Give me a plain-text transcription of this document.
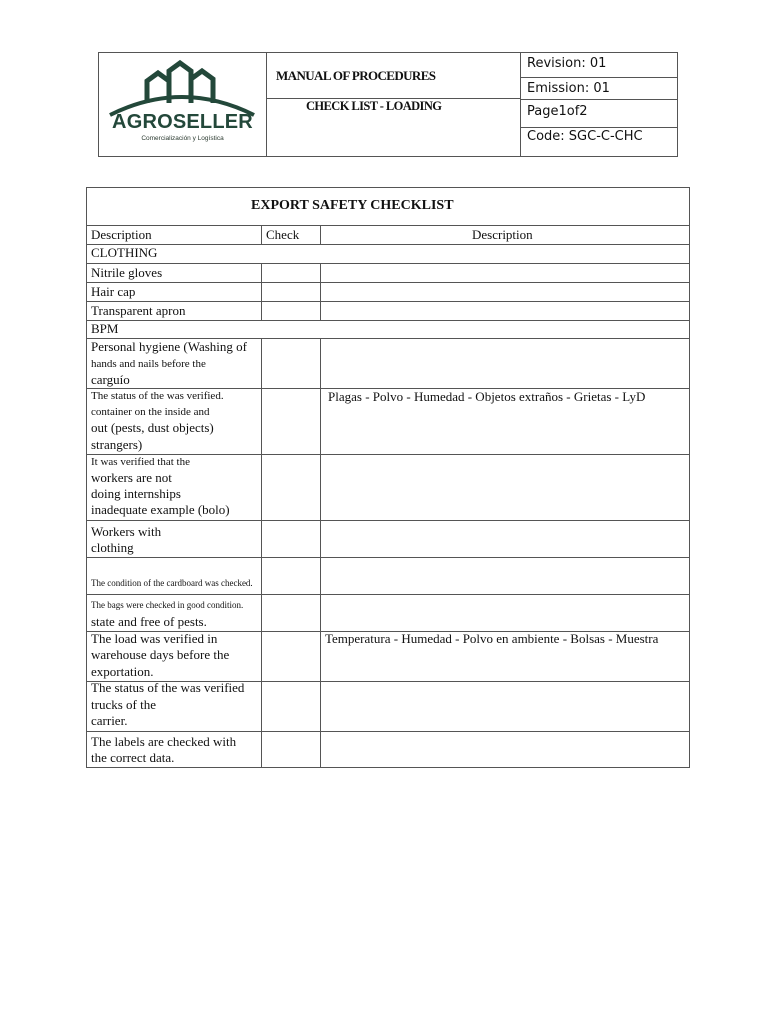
AGROSELLER
Comercialización y Logística
MANUAL OF PROCEDURES
CHECK LIST - LOADING
Revision: 01
Emission: 01
Page1of2
Code: SGC-C-CHC
EXPORT SAFETY CHECKLIST
Description	Check	Description
CLOTHING
Nitrile gloves
Hair cap
Transparent apron
BPM
Personal hygiene (Washing of
hands and nails before the
carguío
The status of the was verified.
container on the inside and
out (pests, dust objects)
strangers)
Plagas - Polvo - Humedad - Objetos extraños - Grietas - LyD
It was verified that the
workers are not
doing internships
inadequate example (bolo)
Workers with
clothing
The condition of the cardboard was checked.
The bags were checked in good condition.
state and free of pests.
The load was verified in
warehouse days before the
exportation.
Temperatura - Humedad - Polvo en ambiente - Bolsas - Muestra
The status of the was verified
trucks of the
carrier.
The labels are checked with
the correct data.
